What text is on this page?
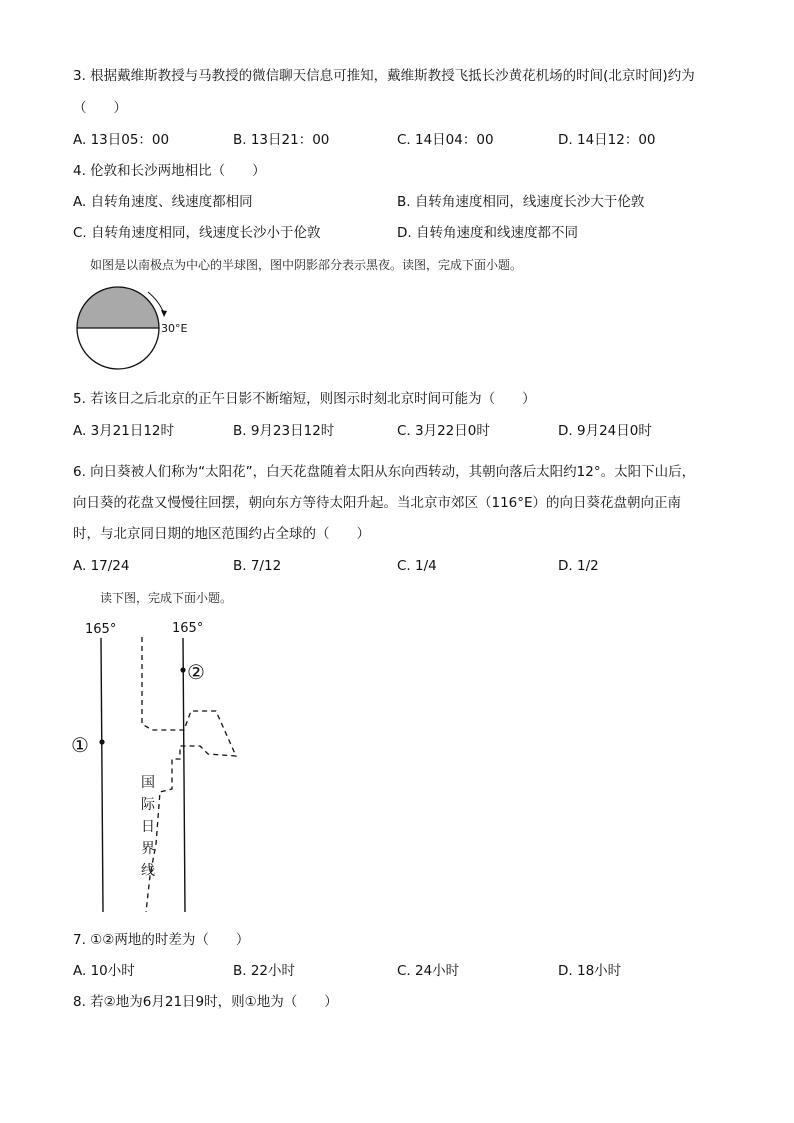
3. 根据戴维斯教授与马教授的微信聊天信息可推知，戴维斯教授飞抵长沙黄花机场的时间(北京时间)约为
（　　）
A. 13日05：00	B. 13日21：00	C. 14日04：00	D. 14日12：00
4. 伦敦和长沙两地相比（　　）
A. 自转角速度、线速度都相同	B. 自转角速度相同，线速度长沙大于伦敦
C. 自转角速度相同，线速度长沙小于伦敦	D. 自转角速度和线速度都不同
如图是以南极点为中心的半球图，图中阴影部分表示黑夜。读图，完成下面小题。
30°E
5. 若该日之后北京的正午日影不断缩短，则图示时刻北京时间可能为（　　）
A. 3月21日12时	B. 9月23日12时	C. 3月22日0时	D. 9月24日0时
6. 向日葵被人们称为“太阳花”，白天花盘随着太阳从东向西转动，其朝向落后太阳约12°。太阳下山后，
向日葵的花盘又慢慢往回摆，朝向东方等待太阳升起。当北京市郊区（116°E）的向日葵花盘朝向正南
时，与北京同日期的地区范围约占全球的（　　）
A. 17/24	B. 7/12	C. 1/4	D. 1/2
读下图，完成下面小题。
165°	165°
②
①
国
际
日
界
线
7. ①②两地的时差为（　　）
A. 10小时	B. 22小时	C. 24小时	D. 18小时
8. 若②地为6月21日9时，则①地为（　　）
